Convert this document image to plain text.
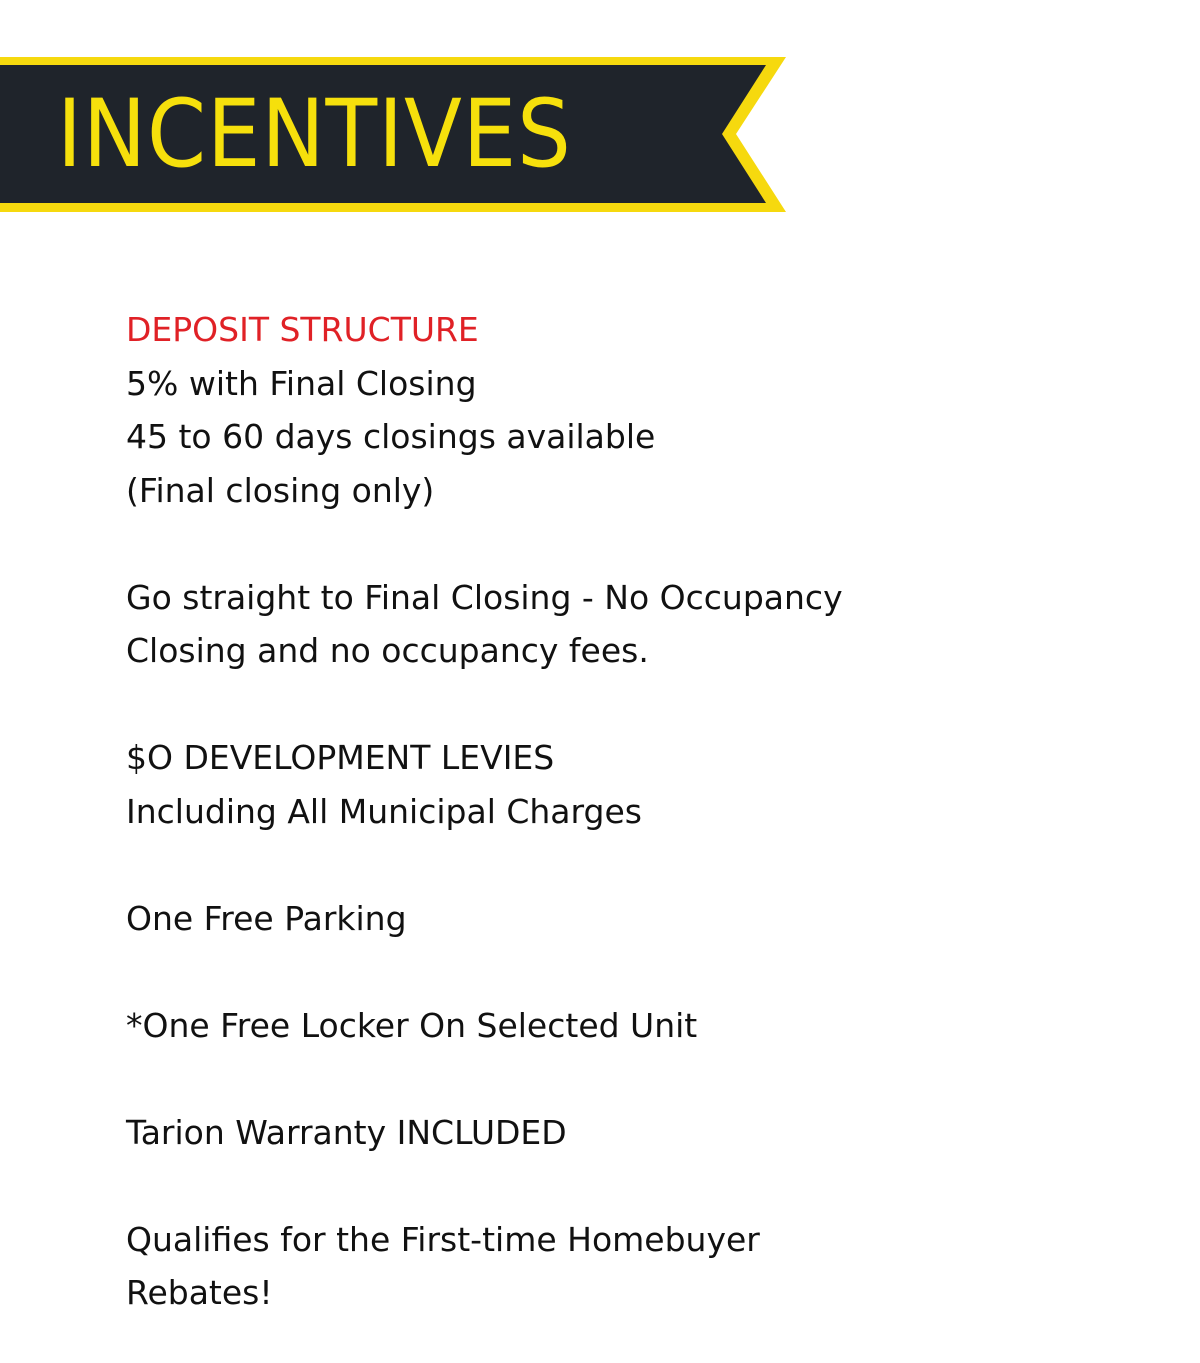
INCENTIVES
DEPOSIT STRUCTURE
5% with Final Closing
45 to 60 days closings available
(Final closing only)
Go straight to Final Closing - No Occupancy
Closing and no occupancy fees.
$O DEVELOPMENT LEVIES
Including All Municipal Charges
One Free Parking
*One Free Locker On Selected Unit
Tarion Warranty INCLUDED
Qualifies for the First-time Homebuyer
Rebates!
